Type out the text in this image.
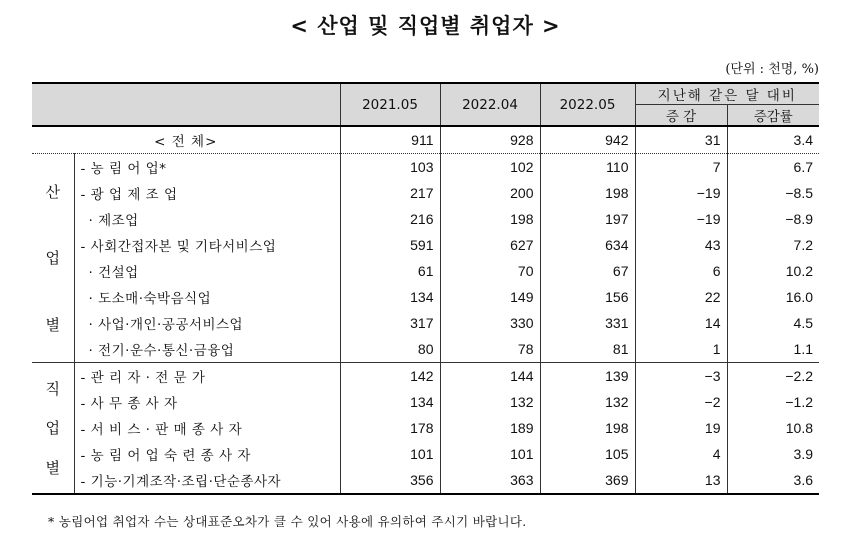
< 산업 및 직업별 취업자 >
(단위 : 천명, %)
		2021.05	2022.04	2022.05	지난해 같은 달 대비	
					증 감	증감률
< 전 체>		911	928	942	31	3.4

산
업
별	- 농 림 어 업*	103	102	110	7	6.7
	- 광 업 제 조 업	217	200	198	−19	−8.5
	· 제조업	216	198	197	−19	−8.9
	- 사회간접자본 및 기타서비스업	591	627	634	43	7.2
	· 건설업	61	70	67	6	10.2
	· 도소매·숙박음식업	134	149	156	22	16.0
	· 사업·개인·공공서비스업	317	330	331	14	4.5
	· 전기·운수·통신·금융업	80	78	81	1	1.1

직
업
별	- 관 리 자 · 전 문 가	142	144	139	−3	−2.2
	- 사 무 종 사 자	134	132	132	−2	−1.2
	- 서 비 스 · 판 매 종 사 자	178	189	198	19	10.8
	- 농 림 어 업 숙 련 종 사 자	101	101	105	4	3.9
	- 기능·기계조작·조립·단순종사자	356	363	369	13	3.6
* 농림어업 취업자 수는 상대표준오차가 클 수 있어 사용에 유의하여 주시기 바랍니다.
